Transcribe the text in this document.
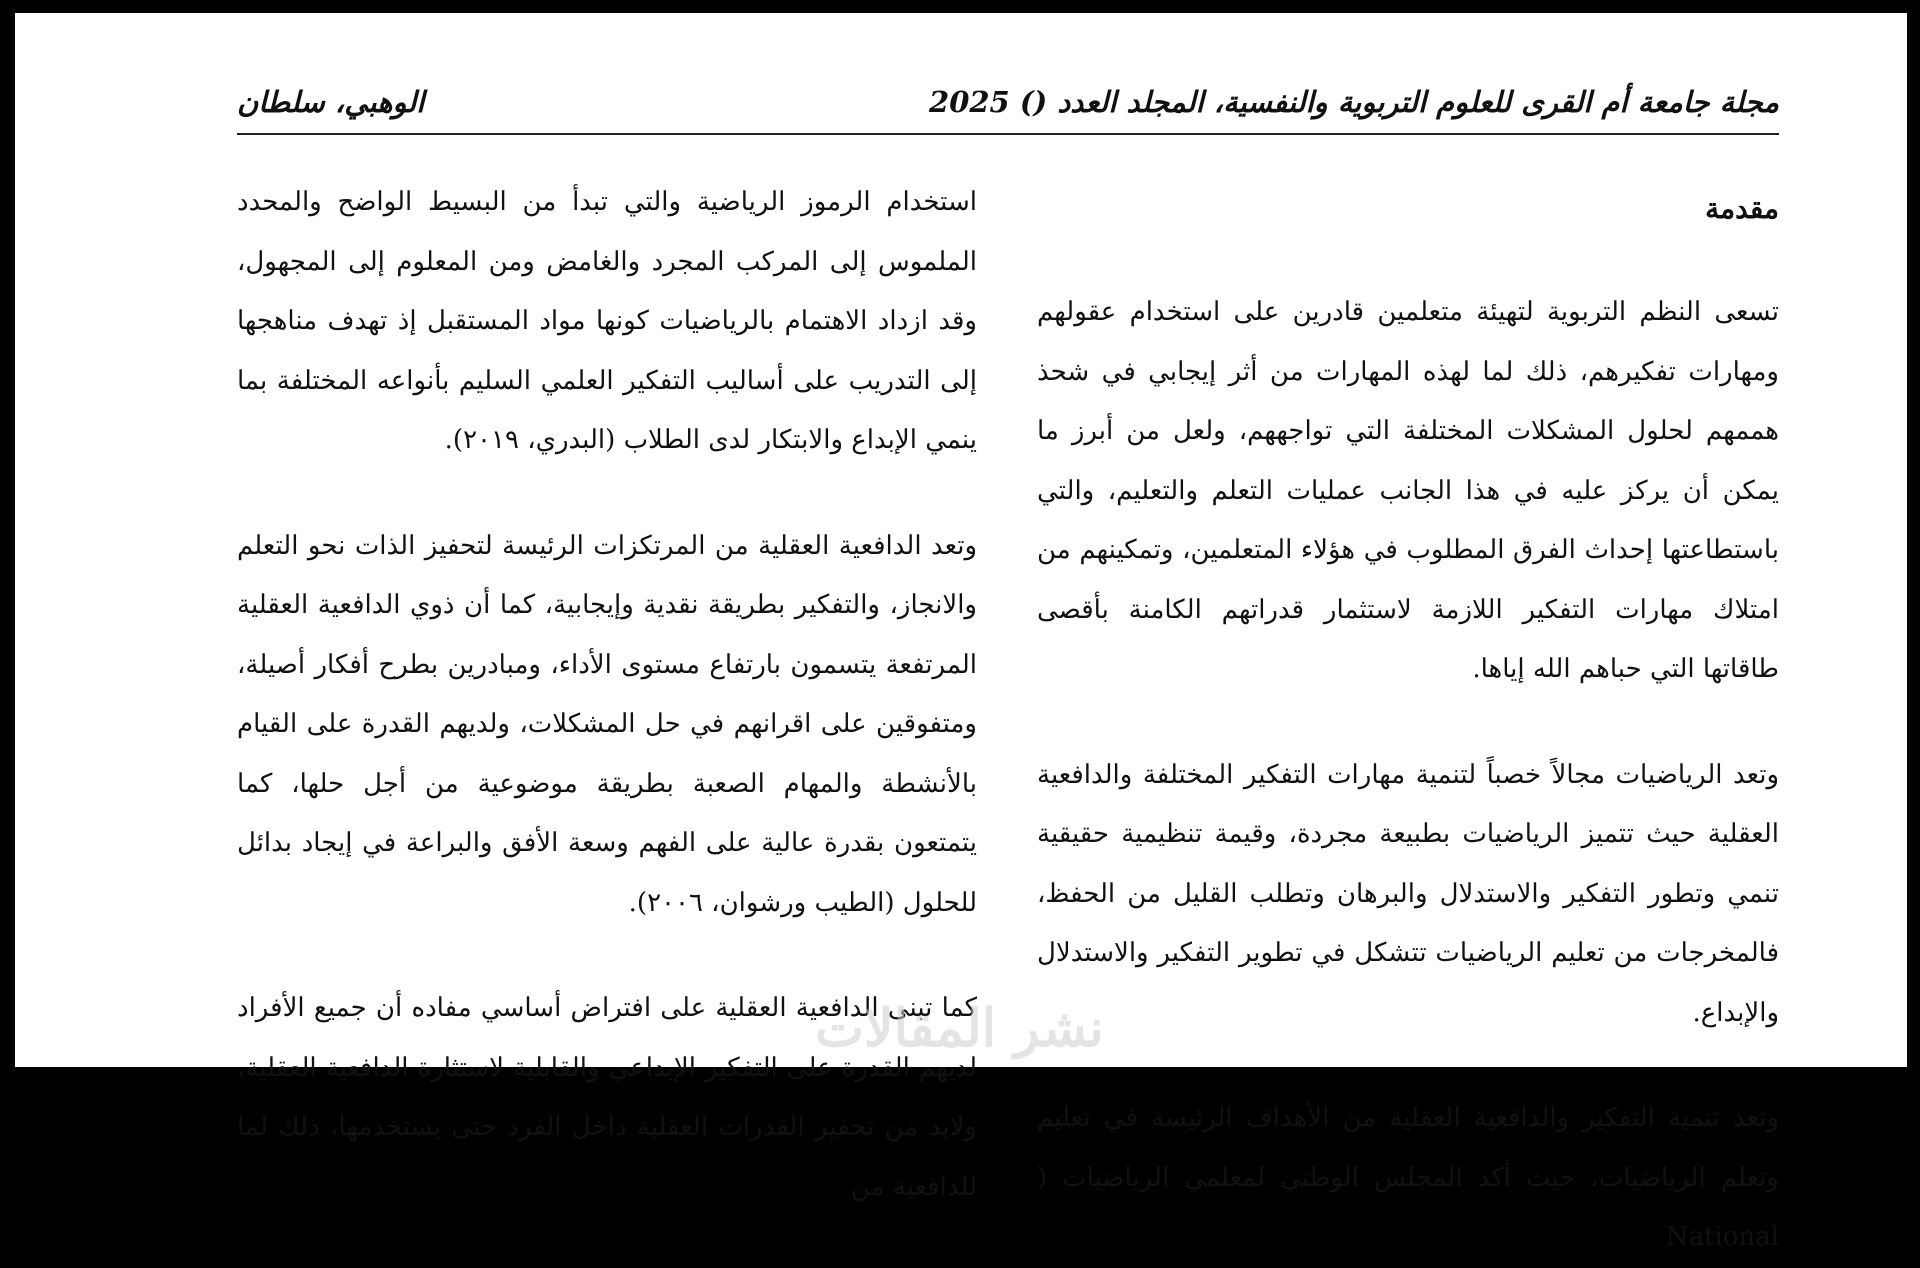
مجلة جامعة أم القرى للعلوم التربوية والنفسية، المجلد العدد () 2025
الوهبي، سلطان

مقدمة

تسعى النظم التربوية لتهيئة متعلمين قادرين على استخدام عقولهم ومهارات تفكيرهم، ذلك لما لهذه المهارات من أثر إيجابي في شحذ هممهم لحلول المشكلات المختلفة التي تواجههم، ولعل من أبرز ما يمكن أن يركز عليه في هذا الجانب عمليات التعلم والتعليم، والتي باستطاعتها إحداث الفرق المطلوب في هؤلاء المتعلمين، وتمكينهم من امتلاك مهارات التفكير اللازمة لاستثمار قدراتهم الكامنة بأقصى طاقاتها التي حباهم الله إياها.

وتعد الرياضيات مجالاً خصباً لتنمية مهارات التفكير المختلفة والدافعية العقلية حيث تتميز الرياضيات بطبيعة مجردة، وقيمة تنظيمية حقيقية تنمي وتطور التفكير والاستدلال والبرهان وتطلب القليل من الحفظ، فالمخرجات من تعليم الرياضيات تتشكل في تطوير التفكير والاستدلال والإبداع.

وتعد تنمية التفكير والدافعية العقلية من الأهداف الرئيسة في تعليم وتعلم الرياضيات، حيث أكد المجلس الوطني لمعلمي الرياضيات ( National

استخدام الرموز الرياضية والتي تبدأ من البسيط الواضح والمحدد الملموس إلى المركب المجرد والغامض ومن المعلوم إلى المجهول، وقد ازداد الاهتمام بالرياضيات كونها مواد المستقبل إذ تهدف مناهجها إلى التدريب على أساليب التفكير العلمي السليم بأنواعه المختلفة بما ينمي الإبداع والابتكار لدى الطلاب (البدري، ٢٠١٩).

وتعد الدافعية العقلية من المرتكزات الرئيسة لتحفيز الذات نحو التعلم والانجاز، والتفكير بطريقة نقدية وإيجابية، كما أن ذوي الدافعية العقلية المرتفعة يتسمون بارتفاع مستوى الأداء، ومبادرين بطرح أفكار أصيلة، ومتفوقين على اقرانهم في حل المشكلات، ولديهم القدرة على القيام بالأنشطة والمهام الصعبة بطريقة موضوعية من أجل حلها، كما يتمتعون بقدرة عالية على الفهم وسعة الأفق والبراعة في إيجاد بدائل للحلول (الطيب ورشوان، ٢٠٠٦).

كما تبنى الدافعية العقلية على افتراض أساسي مفاده أن جميع الأفراد لديهم القدرة على التفكير الإبداعي والقابلية لاستثارة الدافعية العقلية، ولابد من تحفيز القدرات العقلية داخل الفرد حتى يستخدمها، ذلك لما للدافعية من

نشر المقالات
